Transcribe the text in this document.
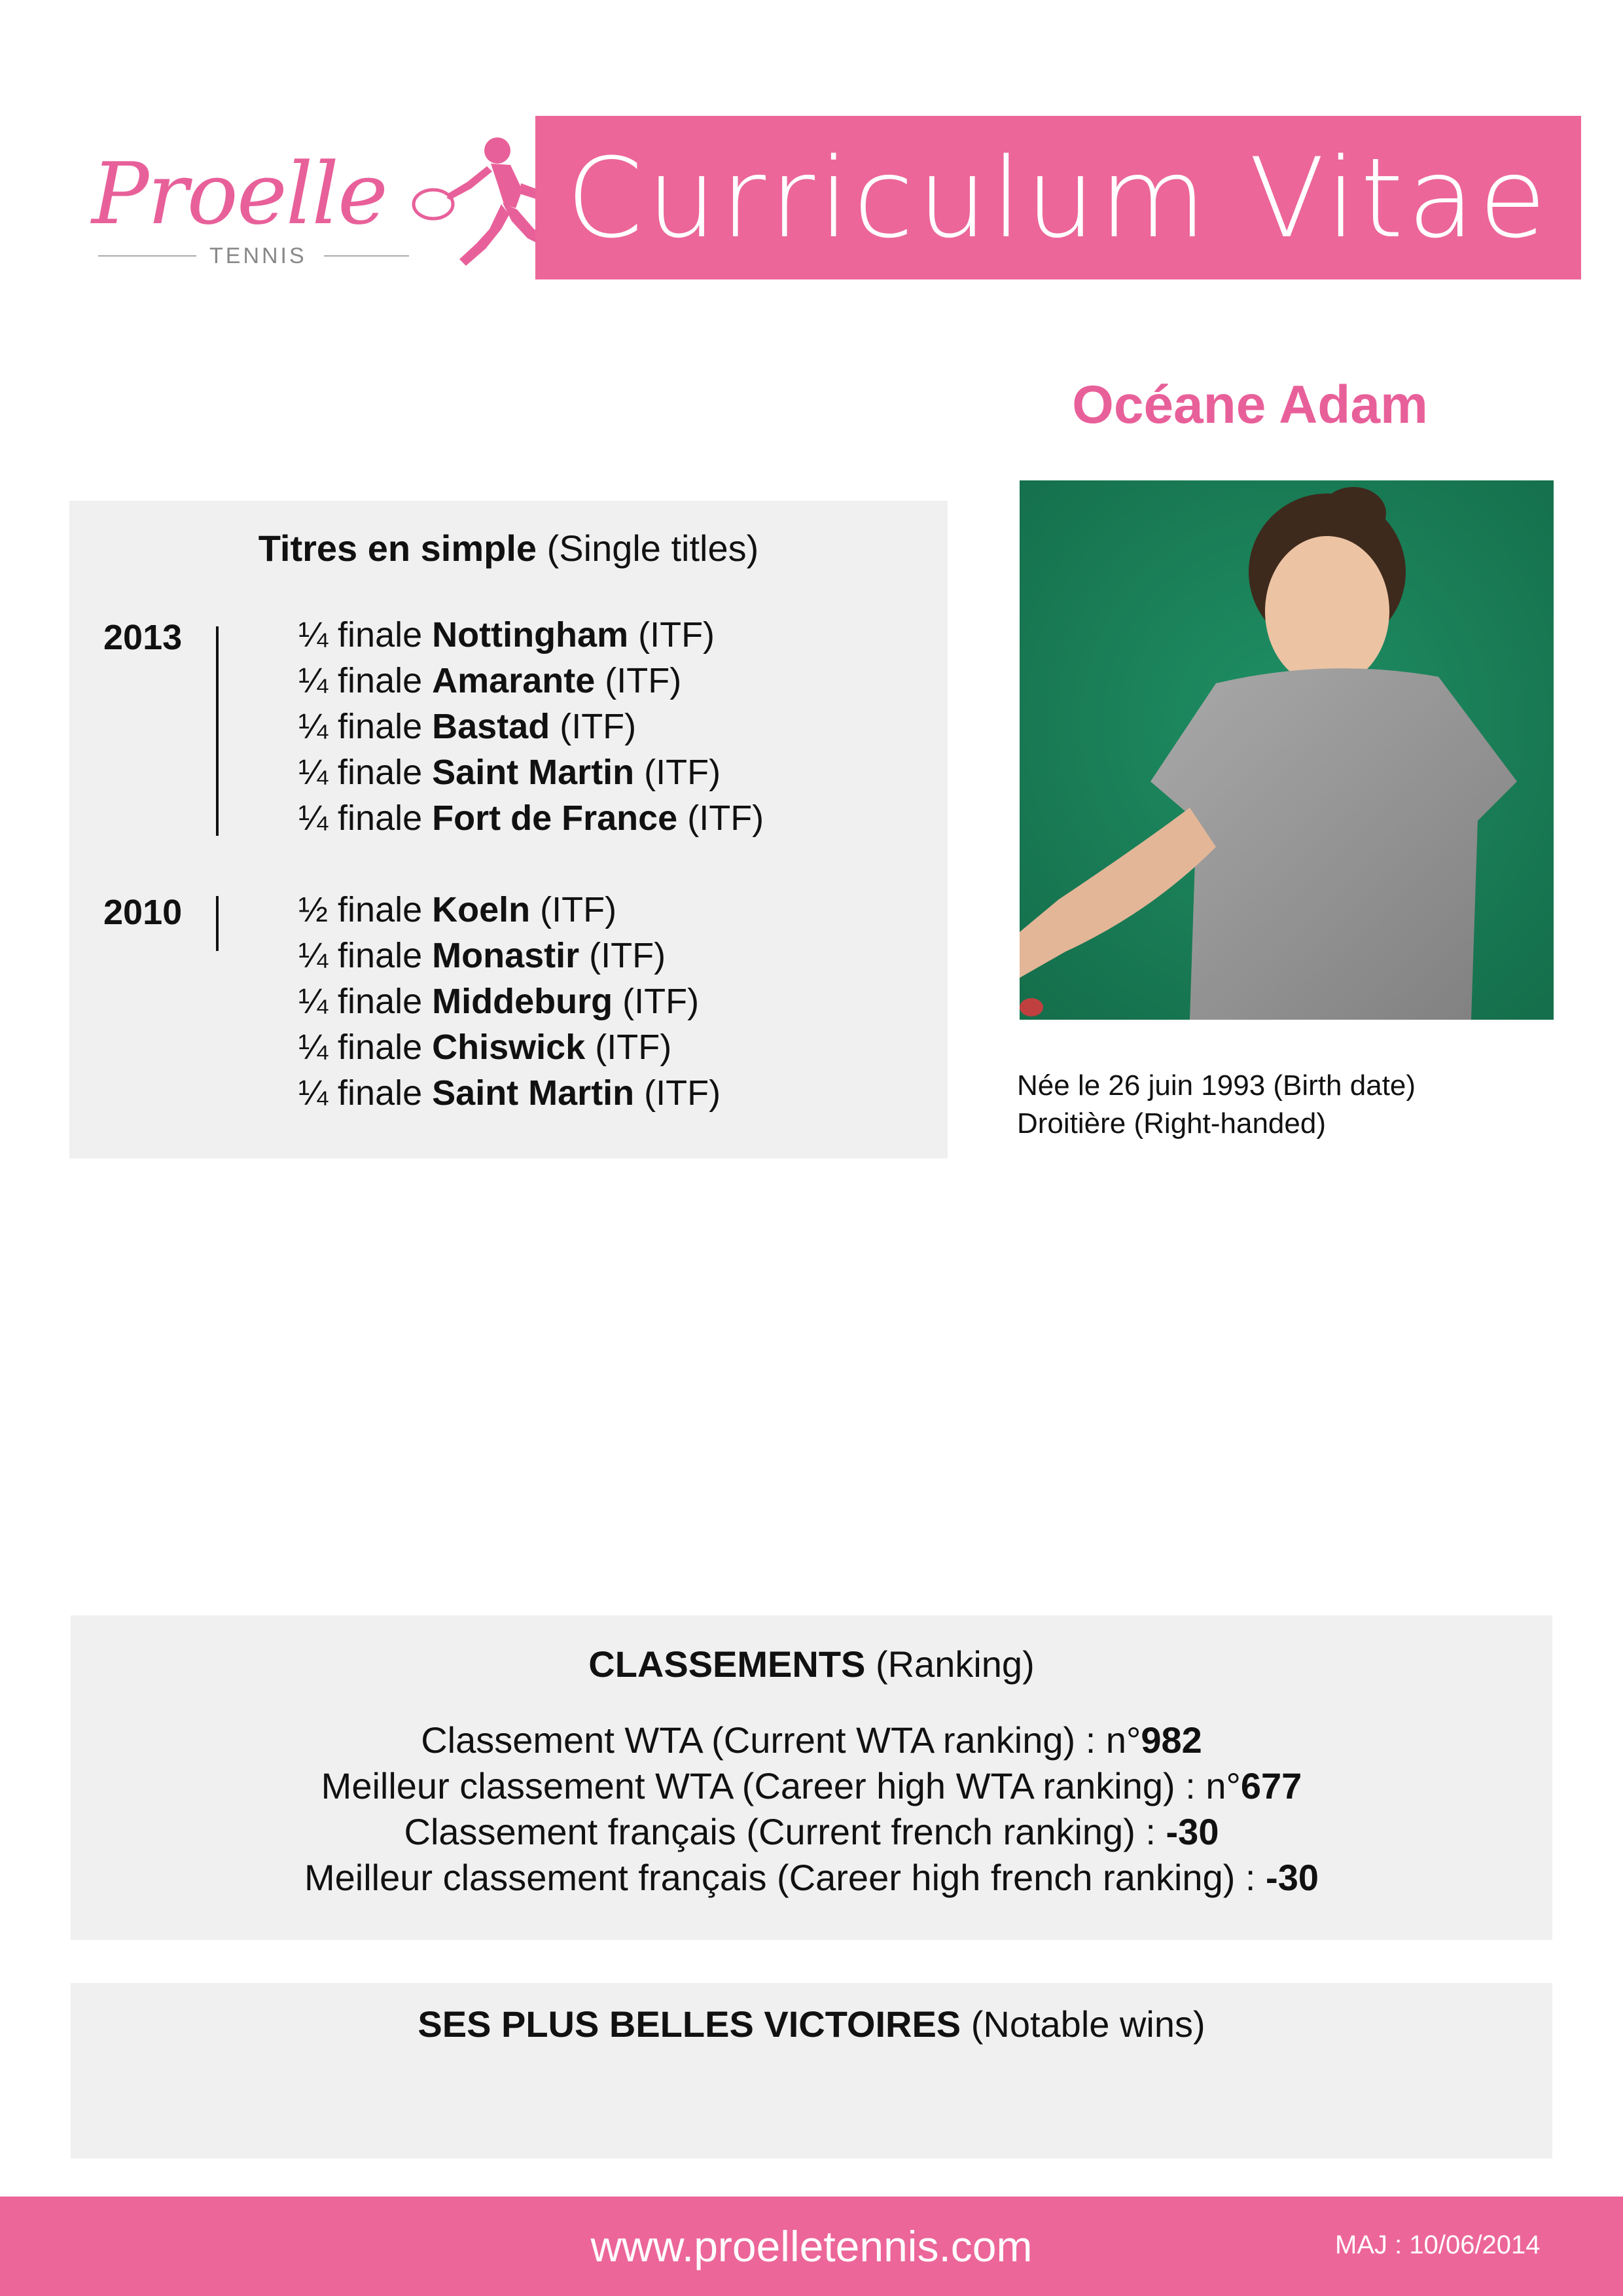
Proelle
TENNIS Curriculum Vitae
Océane Adam
Titres en simple (Single titles)
2013	¼ finale Nottingham (ITF)
¼ finale Amarante (ITF)
¼ finale Bastad (ITF)
¼ finale Saint Martin (ITF)
¼ finale Fort de France (ITF)
2010	½ finale Koeln (ITF)
¼ finale Monastir (ITF)
¼ finale Middeburg (ITF)
¼ finale Chiswick (ITF)
¼ finale Saint Martin (ITF)	Née le 26 juin 1993 (Birth date)
Droitière (Right-handed)
CLASSEMENTS (Ranking)
Classement WTA (Current WTA ranking) : n°982
Meilleur classement WTA (Career high WTA ranking) : n°677
Classement français (Current french ranking) : -30
Meilleur classement français (Career high french ranking) : -30
SES PLUS BELLES VICTOIRES (Notable wins)
www.proelletennis.com	MAJ : 10/06/2014
